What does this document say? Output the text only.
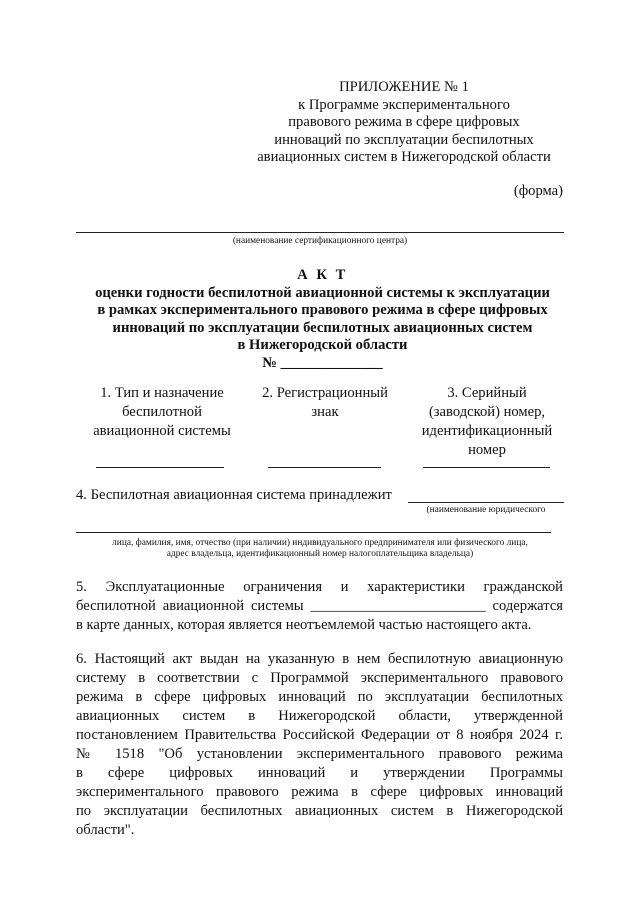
ПРИЛОЖЕНИЕ № 1
к Программе экспериментального
правового режима в сфере цифровых
инноваций по эксплуатации беспилотных
авиационных систем в Нижегородской области
(форма)
(наименование сертификационного центра)
А К Т
оценки годности беспилотной авиационной системы к эксплуатации
в рамках экспериментального правового режима в сфере цифровых
инноваций по эксплуатации беспилотных авиационных систем
в Нижегородской области
№ ______________
1. Тип и назначение
беспилотной
авиационной системы
2. Регистрационный
знак
3. Серийный
(заводской) номер,
идентификационный
номер
4. Беспилотная авиационная система принадлежит
(наименование юридического
лица, фамилия, имя, отчество (при наличии) индивидуального предпринимателя или физического лица,
адрес владельца, идентификационный номер налогоплательщика владельца)
5. Эксплуатационные ограничения и характеристики гражданской
беспилотной авиационной системы ________________________ содержатся
в карте данных, которая является неотъемлемой частью настоящего акта.
6. Настоящий акт выдан на указанную в нем беспилотную авиационную
систему в соответствии с Программой экспериментального правового
режима в сфере цифровых инноваций по эксплуатации беспилотных
авиационных систем в Нижегородской области, утвержденной
постановлением Правительства Российской Федерации от 8 ноября 2024 г.
№ 1518 "Об установлении экспериментального правового режима
в сфере цифровых инноваций и утверждении Программы
экспериментального правового режима в сфере цифровых инноваций
по эксплуатации беспилотных авиационных систем в Нижегородской
области".
